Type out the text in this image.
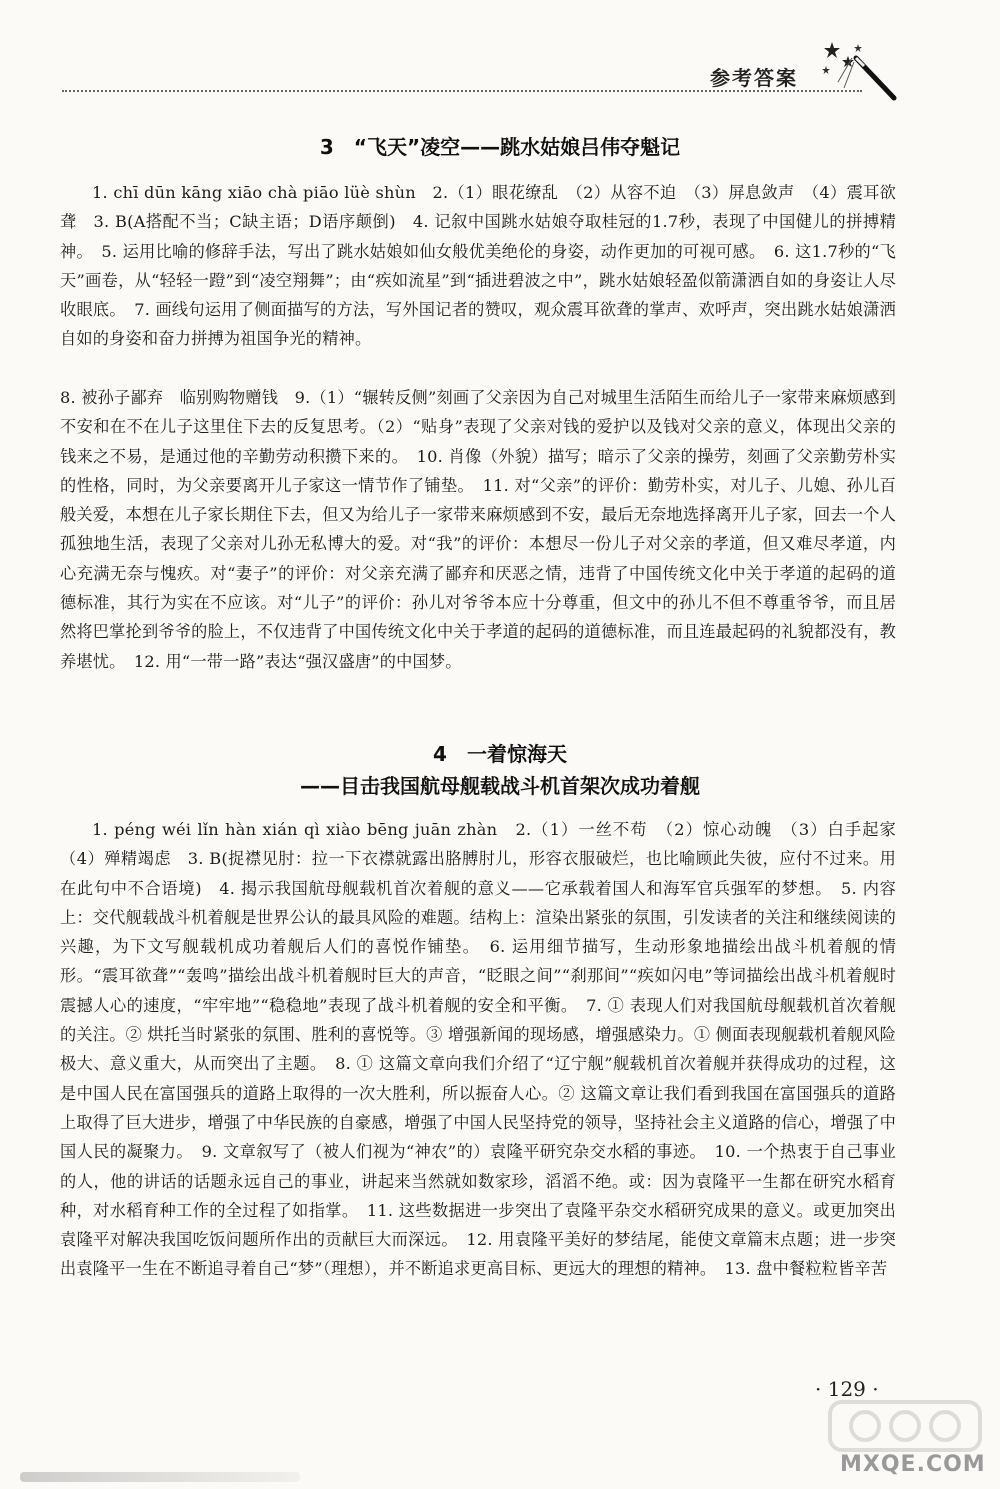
参考答案
3　“飞天”凌空——跳水姑娘吕伟夺魁记

1. chī dūn kāng xiāo chà piāo lüè shùn　2.（1）眼花缭乱　（2）从容不迫　（3）屏息敛声　（4）震耳欲聋　3. B(A搭配不当；C缺主语；D语序颠倒)　4. 记叙中国跳水姑娘夺取桂冠的1.7秒，表现了中国健儿的拼搏精神。　5. 运用比喻的修辞手法，写出了跳水姑娘如仙女般优美绝伦的身姿，动作更加的可视可感。　6. 这1.7秒的“飞天”画卷，从“轻轻一蹬”到“凌空翔舞”；由“疾如流星”到“插进碧波之中”，跳水姑娘轻盈似箭潇洒自如的身姿让人尽收眼底。　7. 画线句运用了侧面描写的方法，写外国记者的赞叹，观众震耳欲聋的掌声、欢呼声，突出跳水姑娘潇洒自如的身姿和奋力拼搏为祖国争光的精神。

8. 被孙子鄙弃　临别购物赠钱　9.（1）“辗转反侧”刻画了父亲因为自己对城里生活陌生而给儿子一家带来麻烦感到不安和在不在儿子这里住下去的反复思考。（2）“贴身”表现了父亲对钱的爱护以及钱对父亲的意义，体现出父亲的钱来之不易，是通过他的辛勤劳动积攒下来的。　10. 肖像（外貌）描写；暗示了父亲的操劳，刻画了父亲勤劳朴实的性格，同时，为父亲要离开儿子家这一情节作了铺垫。　11. 对“父亲”的评价：勤劳朴实，对儿子、儿媳、孙儿百般关爱，本想在儿子家长期住下去，但又为给儿子一家带来麻烦感到不安，最后无奈地选择离开儿子家，回去一个人孤独地生活，表现了父亲对儿孙无私博大的爱。对“我”的评价：本想尽一份儿子对父亲的孝道，但又难尽孝道，内心充满无奈与愧疚。对“妻子”的评价：对父亲充满了鄙弃和厌恶之情，违背了中国传统文化中关于孝道的起码的道德标准，其行为实在不应该。对“儿子”的评价：孙儿对爷爷本应十分尊重，但文中的孙儿不但不尊重爷爷，而且居然将巴掌抡到爷爷的脸上，不仅违背了中国传统文化中关于孝道的起码的道德标准，而且连最起码的礼貌都没有，教养堪忧。　12. 用“一带一路”表达“强汉盛唐”的中国梦。

4　一着惊海天
——目击我国航母舰载战斗机首架次成功着舰

1. péng wéi lǐn hàn xián qì xiào bēng juān zhàn　2.（1）一丝不苟　（2）惊心动魄　（3）白手起家　（4）殚精竭虑　3. B(捉襟见肘：拉一下衣襟就露出胳膊肘儿，形容衣服破烂，也比喻顾此失彼，应付不过来。用在此句中不合语境)　4. 揭示我国航母舰载机首次着舰的意义——它承载着国人和海军官兵强军的梦想。　5. 内容上：交代舰载战斗机着舰是世界公认的最具风险的难题。结构上：渲染出紧张的氛围，引发读者的关注和继续阅读的兴趣，为下文写舰载机成功着舰后人们的喜悦作铺垫。　6. 运用细节描写，生动形象地描绘出战斗机着舰的情形。“震耳欲聋”“轰鸣”描绘出战斗机着舰时巨大的声音，“眨眼之间”“刹那间”“疾如闪电”等词描绘出战斗机着舰时震撼人心的速度，“牢牢地”“稳稳地”表现了战斗机着舰的安全和平衡。　7. ① 表现人们对我国航母舰载机首次着舰的关注。② 烘托当时紧张的氛围、胜利的喜悦等。③ 增强新闻的现场感，增强感染力。① 侧面表现舰载机着舰风险极大、意义重大，从而突出了主题。　8. ① 这篇文章向我们介绍了“辽宁舰”舰载机首次着舰并获得成功的过程，这是中国人民在富国强兵的道路上取得的一次大胜利，所以振奋人心。② 这篇文章让我们看到我国在富国强兵的道路上取得了巨大进步，增强了中华民族的自豪感，增强了中国人民坚持党的领导，坚持社会主义道路的信心，增强了中国人民的凝聚力。　9. 文章叙写了（被人们视为“神农”的）袁隆平研究杂交水稻的事迹。　10. 一个热衷于自己事业的人，他的讲话的话题永远自己的事业，讲起来当然就如数家珍，滔滔不绝。或：因为袁隆平一生都在研究水稻育种，对水稻育种工作的全过程了如指掌。　11. 这些数据进一步突出了袁隆平杂交水稻研究成果的意义。或更加突出袁隆平对解决我国吃饭问题所作出的贡献巨大而深远。　12. 用袁隆平美好的梦结尾，能使文章篇末点题；进一步突出袁隆平一生在不断追寻着自己“梦”（理想），并不断追求更高目标、更远大的理想的精神。　13. 盘中餐粒粒皆辛苦

· 129 ·
MXQE.COM
